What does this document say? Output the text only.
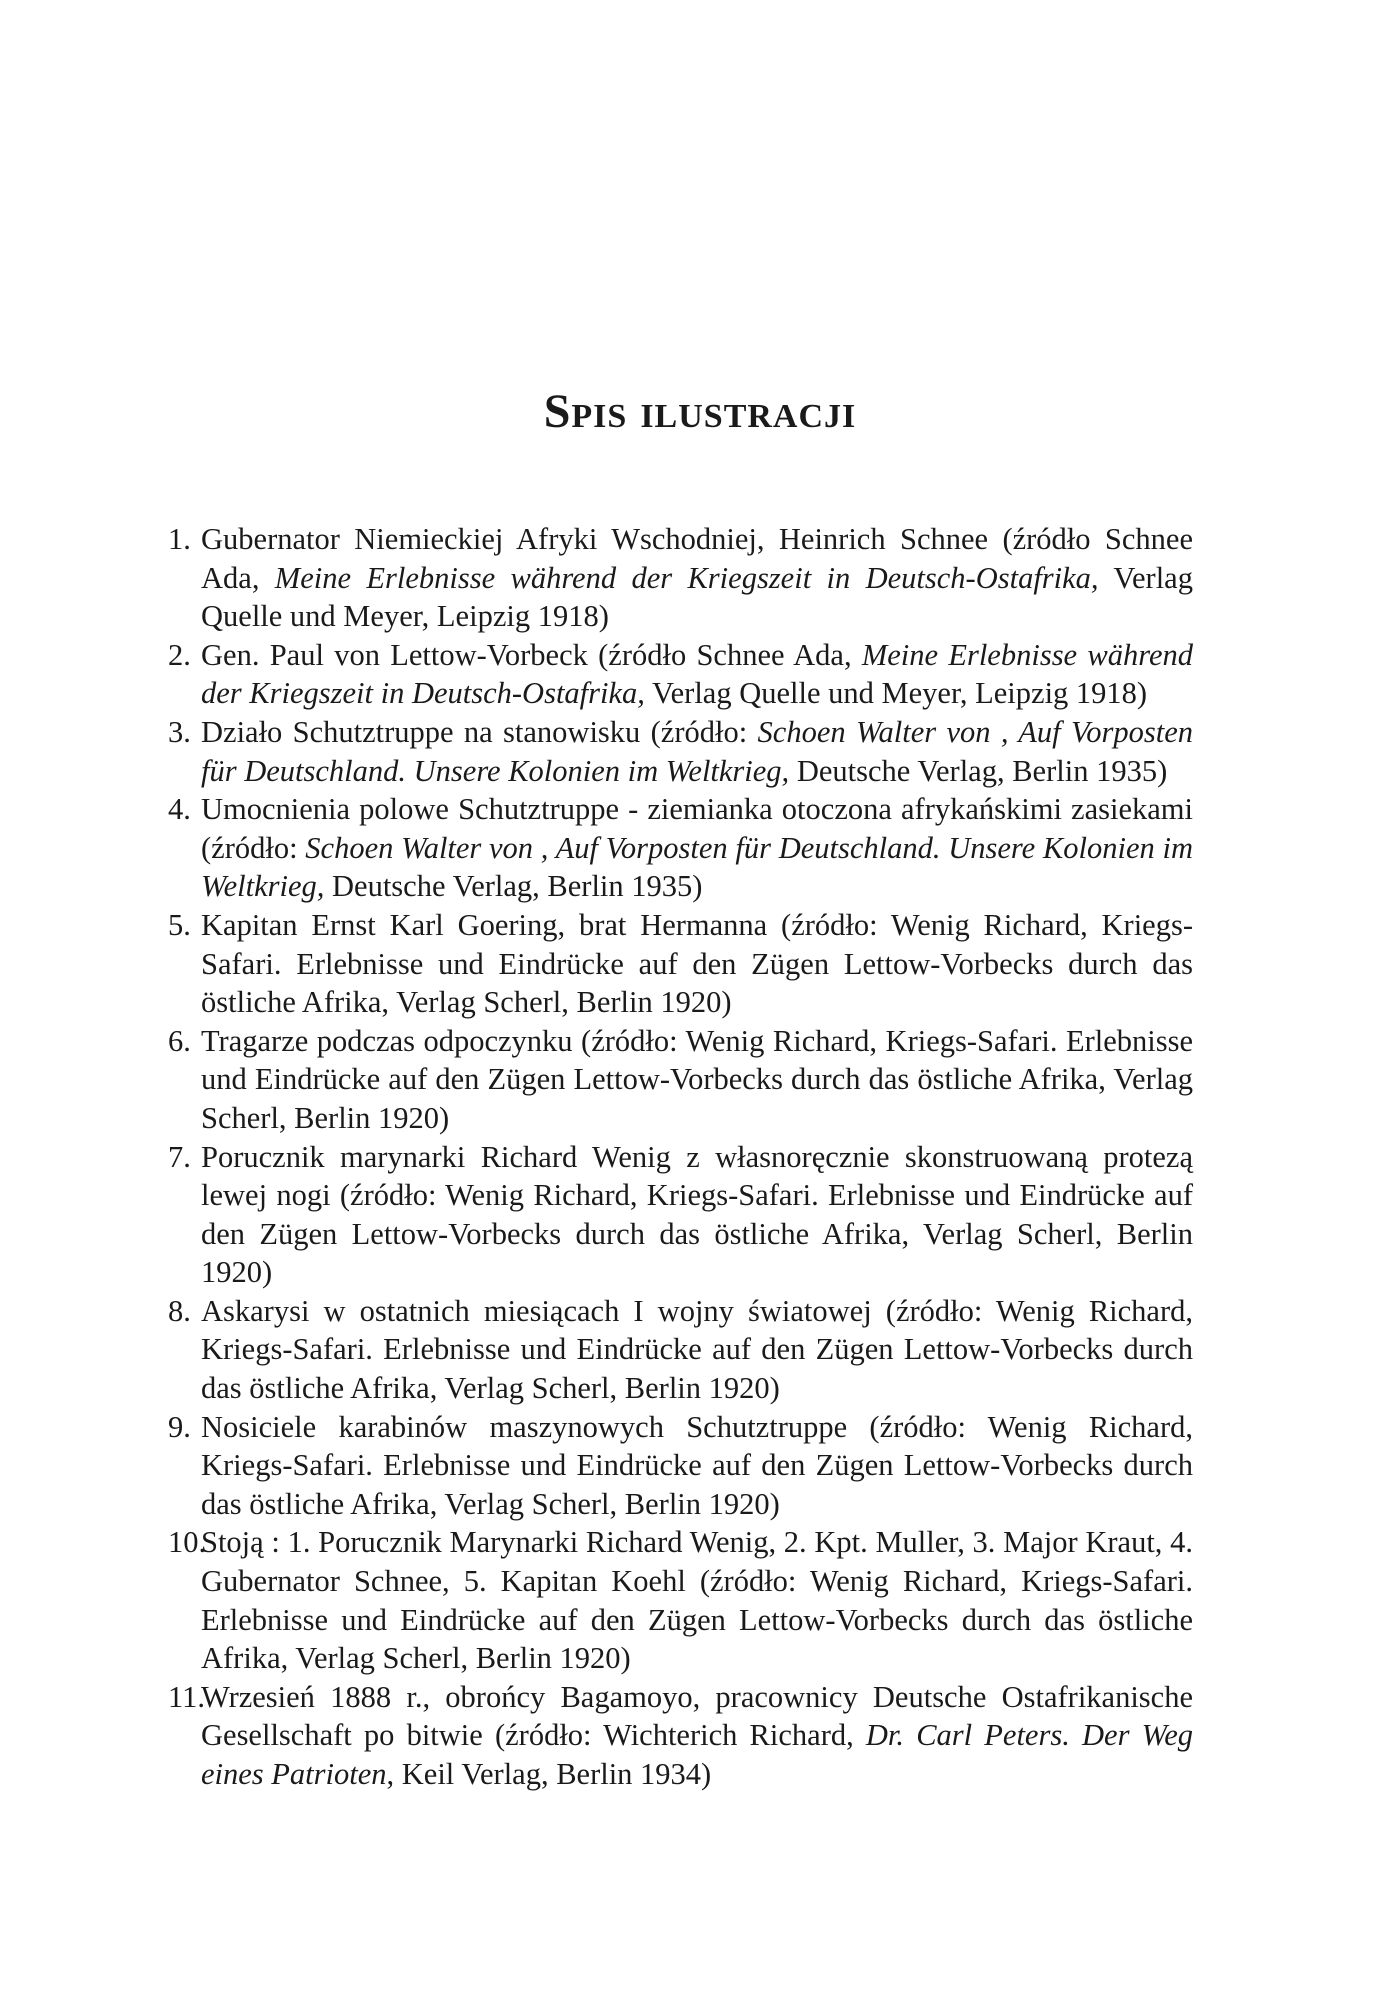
Spis ilustracji
1. Gubernator Niemieckiej Afryki Wschodniej, Heinrich Schnee (źródło Schnee Ada, Meine Erlebnisse während der Kriegszeit in Deutsch-Ostafrika, Verlag Quelle und Meyer, Leipzig 1918)
2. Gen. Paul von Lettow-Vorbeck (źródło Schnee Ada, Meine Erlebnisse während der Kriegszeit in Deutsch-Ostafrika, Verlag Quelle und Meyer, Leipzig 1918)
3. Działo Schutztruppe na stanowisku (źródło: Schoen Walter von , Auf Vorposten für Deutschland. Unsere Kolonien im Weltkrieg, Deutsche Verlag, Berlin 1935)
4. Umocnienia polowe Schutztruppe - ziemianka otoczona afrykańskimi zasiekami (źródło: Schoen Walter von , Auf Vorposten für Deutschland. Unsere Kolonien im Weltkrieg, Deutsche Verlag, Berlin 1935)
5. Kapitan Ernst Karl Goering, brat Hermanna (źródło: Wenig Richard, Kriegs-Safari. Erlebnisse und Eindrücke auf den Zügen Lettow-Vorbecks durch das östliche Afrika, Verlag Scherl, Berlin 1920)
6. Tragarze podczas odpoczynku (źródło: Wenig Richard, Kriegs-Safari. Erlebnisse und Eindrücke auf den Zügen Lettow-Vorbecks durch das östliche Afrika, Verlag Scherl, Berlin 1920)
7. Porucznik marynarki Richard Wenig z własnoręcznie skonstruowaną protezą lewej nogi (źródło: Wenig Richard, Kriegs-Safari. Erlebnisse und Eindrücke auf den Zügen Lettow-Vorbecks durch das östliche Afrika, Verlag Scherl, Berlin 1920)
8. Askarysi w ostatnich miesiącach I wojny światowej (źródło: Wenig Richard, Kriegs-Safari. Erlebnisse und Eindrücke auf den Zügen Lettow-Vorbecks durch das östliche Afrika, Verlag Scherl, Berlin 1920)
9. Nosiciele karabinów maszynowych Schutztruppe (źródło: Wenig Richard, Kriegs-Safari. Erlebnisse und Eindrücke auf den Zügen Lettow-Vorbecks durch das östliche Afrika, Verlag Scherl, Berlin 1920)
10.
Stoją : 1. Porucznik Marynarki Richard Wenig, 2. Kpt. Muller, 3. Major Kraut, 4. Gubernator Schnee, 5. Kapitan Koehl (źródło: Wenig Richard, Kriegs-Safari. Erlebnisse und Eindrücke auf den Zügen Lettow-Vorbecks durch das östliche Afrika, Verlag Scherl, Berlin 1920)
11.
Wrzesień 1888 r., obrońcy Bagamoyo, pracownicy Deutsche Ostafrikanische Gesellschaft po bitwie (źródło: Wichterich Richard, Dr. Carl Peters. Der Weg eines Patrioten, Keil Verlag, Berlin 1934)
